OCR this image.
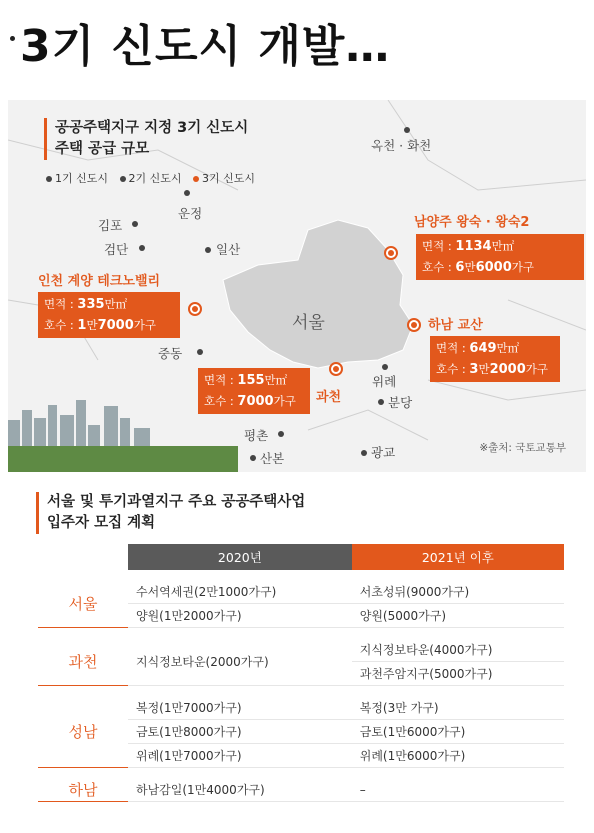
3기 신도시 개발…
공공주택지구 지정 3기 신도시
주택 공급 규모
1기 신도시 2기 신도시 3기 신도시
옥천 · 화천
운정
김포
검단	일산
중동
위례
분당
평촌
산본	광교
서울
남양주 왕숙 · 왕숙2
면적 : 1134만㎡
호수 : 6만6000가구
인천 계양 테크노밸리
면적 : 335만㎡
호수 : 1만7000가구	하남 교산
면적 : 649만㎡
호수 : 3만2000가구
과천
면적 : 155만㎡
호수 : 7000가구
※출처: 국토교통부
서울 및 투기과열지구 주요 공공주택사업
입주자 모집 계획
	2020년	2021년 이후

서울	수서역세권(2만1000가구)	서초성뒤(9000가구)
	양원(1만2000가구)	양원(5000가구)

과천	지식정보타운(2000가구)	지식정보타운(4000가구)
		과천주암지구(5000가구)

성남	복정(1만7000가구)	복정(3만 가구)
	금토(1만8000가구)	금토(1만6000가구)
	위례(1만7000가구)	위례(1만6000가구)

하남	하남감일(1만4000가구)	–
